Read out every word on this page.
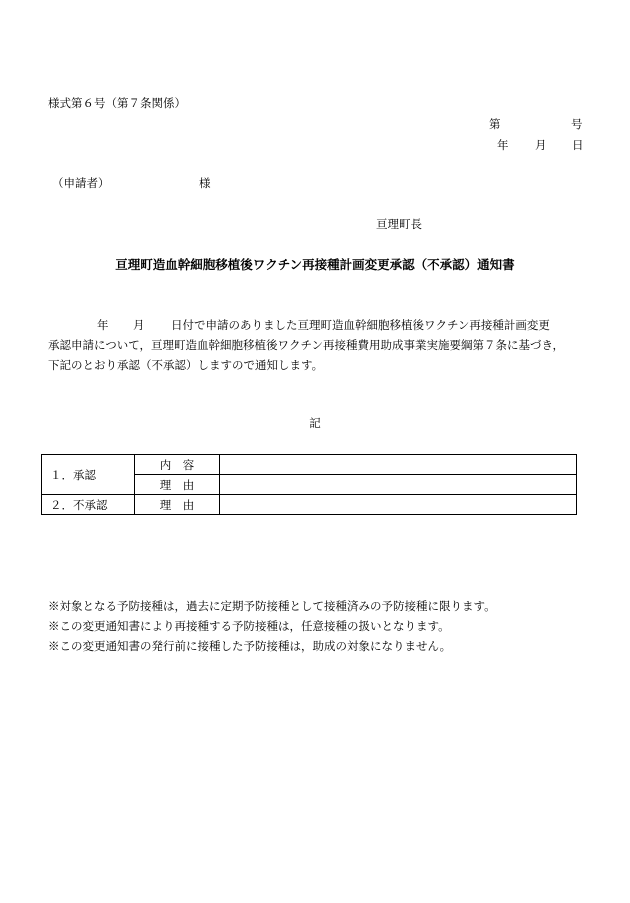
様式第６号（第７条関係）
第	号
年 月 日
（申請者）	様
亘理町長
亘理町造血幹細胞移植後ワクチン再接種計画変更承認（不承認）通知書
年 月 日付で申請のありました亘理町造血幹細胞移植後ワクチン再接種計画変更
承認申請について，亘理町造血幹細胞移植後ワクチン再接種費用助成事業実施要綱第７条に基づき，
下記のとおり承認（不承認）しますので通知します。
記
１．承認	内　容	
	理　由	
２．不承認	理　由	
※対象となる予防接種は，過去に定期予防接種として接種済みの予防接種に限ります。
※この変更通知書により再接種する予防接種は，任意接種の扱いとなります。
※この変更通知書の発行前に接種した予防接種は，助成の対象になりません。
